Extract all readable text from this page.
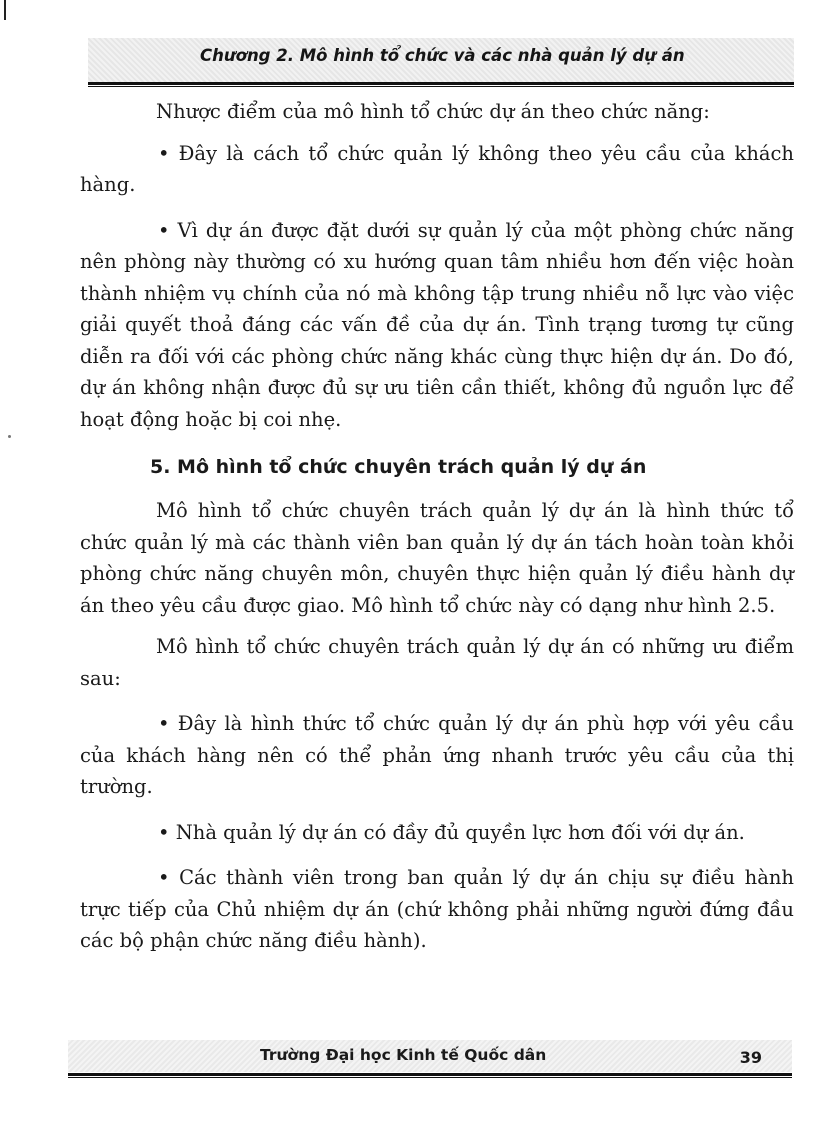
Chương 2. Mô hình tổ chức và các nhà quản lý dự án

Nhược điểm của mô hình tổ chức dự án theo chức năng:

• Đây là cách tổ chức quản lý không theo yêu cầu của khách hàng.

• Vì dự án được đặt dưới sự quản lý của một phòng chức năng nên phòng này thường có xu hướng quan tâm nhiều hơn đến việc hoàn thành nhiệm vụ chính của nó mà không tập trung nhiều nỗ lực vào việc giải quyết thoả đáng các vấn đề của dự án. Tình trạng tương tự cũng diễn ra đối với các phòng chức năng khác cùng thực hiện dự án. Do đó, dự án không nhận được đủ sự ưu tiên cần thiết, không đủ nguồn lực để hoạt động hoặc bị coi nhẹ.

5. Mô hình tổ chức chuyên trách quản lý dự án

Mô hình tổ chức chuyên trách quản lý dự án là hình thức tổ chức quản lý mà các thành viên ban quản lý dự án tách hoàn toàn khỏi phòng chức năng chuyên môn, chuyên thực hiện quản lý điều hành dự án theo yêu cầu được giao. Mô hình tổ chức này có dạng như hình 2.5.

Mô hình tổ chức chuyên trách quản lý dự án có những ưu điểm sau:

• Đây là hình thức tổ chức quản lý dự án phù hợp với yêu cầu của khách hàng nên có thể phản ứng nhanh trước yêu cầu của thị trường.

• Nhà quản lý dự án có đầy đủ quyền lực hơn đối với dự án.

• Các thành viên trong ban quản lý dự án chịu sự điều hành trực tiếp của Chủ nhiệm dự án (chứ không phải những người đứng đầu các bộ phận chức năng điều hành).

Trường Đại học Kinh tế Quốc dân	39
